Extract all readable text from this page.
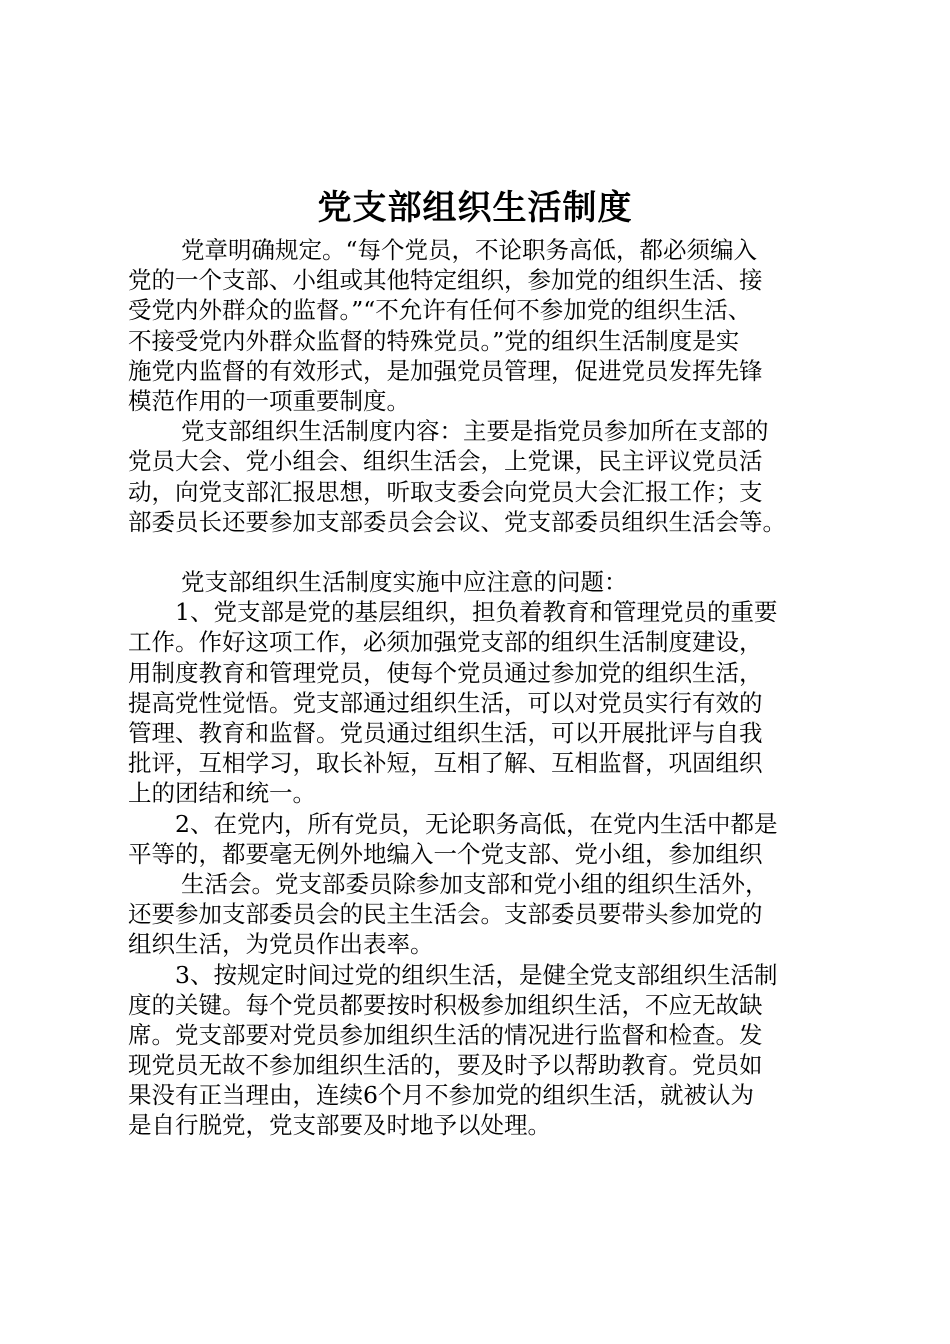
党支部组织生活制度
党章明确规定。“每个党员，不论职务高低，都必须编入
党的一个支部、小组或其他特定组织，参加党的组织生活、接
受党内外群众的监督。”“不允许有任何不参加党的组织生活、
不接受党内外群众监督的特殊党员。”党的组织生活制度是实
施党内监督的有效形式，是加强党员管理，促进党员发挥先锋
模范作用的一项重要制度。
党支部组织生活制度内容：主要是指党员参加所在支部的
党员大会、党小组会、组织生活会，上党课，民主评议党员活
动，向党支部汇报思想，听取支委会向党员大会汇报工作；支
部委员长还要参加支部委员会会议、党支部委员组织生活会等。
党支部组织生活制度实施中应注意的问题：
1、党支部是党的基层组织，担负着教育和管理党员的重要
工作。作好这项工作，必须加强党支部的组织生活制度建设，
用制度教育和管理党员，使每个党员通过参加党的组织生活，
提高党性觉悟。党支部通过组织生活，可以对党员实行有效的
管理、教育和监督。党员通过组织生活，可以开展批评与自我
批评，互相学习，取长补短，互相了解、互相监督，巩固组织
上的团结和统一。
2、在党内，所有党员，无论职务高低，在党内生活中都是
平等的，都要毫无例外地编入一个党支部、党小组，参加组织
生活会。党支部委员除参加支部和党小组的组织生活外，
还要参加支部委员会的民主生活会。支部委员要带头参加党的
组织生活，为党员作出表率。
3、按规定时间过党的组织生活，是健全党支部组织生活制
度的关键。每个党员都要按时积极参加组织生活，不应无故缺
席。党支部要对党员参加组织生活的情况进行监督和检查。发
现党员无故不参加组织生活的，要及时予以帮助教育。党员如
果没有正当理由，连续6个月不参加党的组织生活，就被认为
是自行脱党，党支部要及时地予以处理。
